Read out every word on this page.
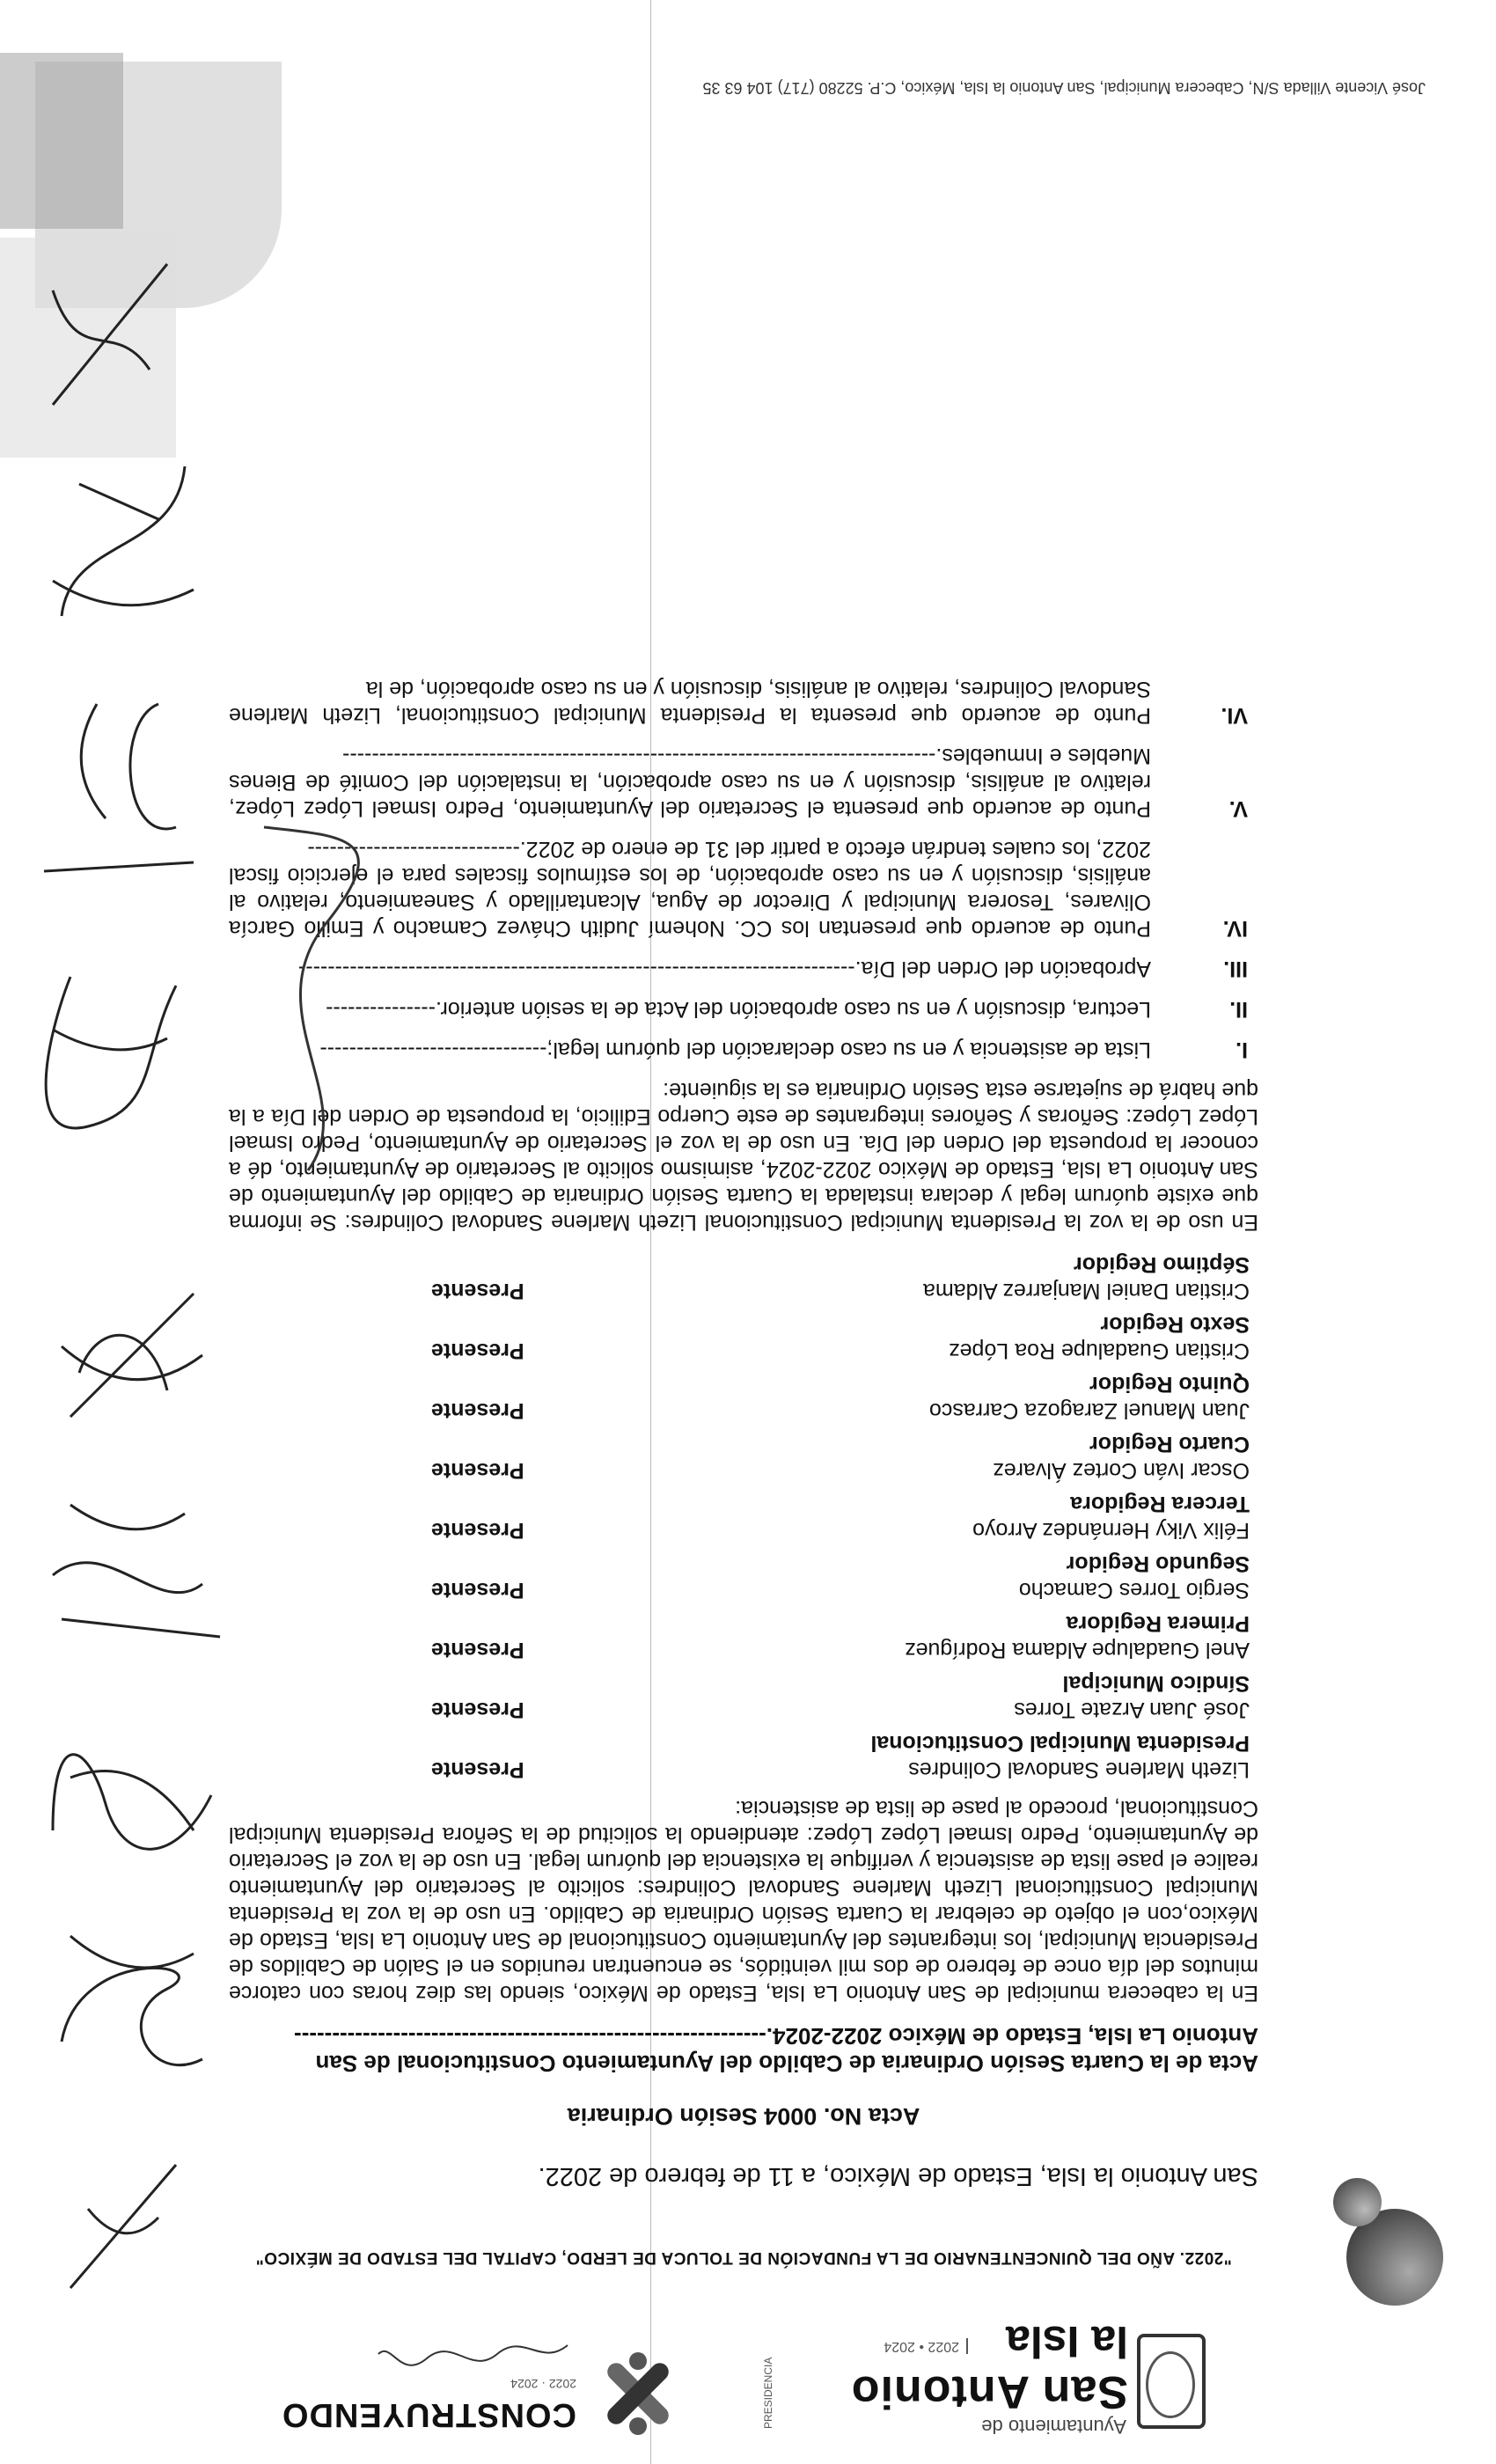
Ayuntamiento de
San Antonio
la Isla
2022 • 2024
PRESIDENCIA
CONSTRUYENDO
2022 · 2024
"2022. AÑO DEL QUINCENTENARIO DE LA FUNDACIÓN DE TOLUCA DE LERDO, CAPITAL DEL ESTADO DE MÉXICO"
San Antonio la Isla, Estado de México, a 11 de febrero de 2022.
Acta No. 0004 Sesión Ordinaria
Acta de la Cuarta Sesión Ordinaria de Cabildo del Ayuntamiento Constitucional de San Antonio La Isla, Estado de México 2022-2024.--------------------------------------------------------------

En la cabecera municipal de San Antonio La Isla, Estado de México, siendo las diez horas con catorce minutos del día once de febrero de dos mil veintidós, se encuentran reunidos en el Salón de Cabildos de Presidencia Municipal, los integrantes del Ayuntamiento Constitucional de San Antonio La Isla, Estado de México,con el objeto de celebrar la Cuarta Sesión Ordinaria de Cabildo. En uso de la voz la Presidenta Municipal Constitucional Lizeth Marlene Sandoval Colindres: solicito al Secretario del Ayuntamiento realice el pase lista de asistencia y verifique la existencia del quórum legal. En uso de la voz el Secretario de Ayuntamiento, Pedro Ismael López López: atendiendo la solicitud de la Señora Presidenta Municipal Constitucional, procedo al pase de lista de asistencia:

Lizeth Marlene Sandoval Colindres
Presidenta Municipal Constitucional
Presente
José Juan Arzate Torres
Síndico Municipal
Presente
Anel Guadalupe Aldama Rodríguez
Primera Regidora
Presente
Sergio Torres Camacho
Segundo Regidor
Presente
Félix Viky Hernández Arroyo
Tercera Regidora
Presente
Oscar Iván Cortez Álvarez
Cuarto Regidor
Presente
Juan Manuel Zaragoza Carrasco
Quinto Regidor
Presente
Cristian Guadalupe Roa López
Sexto Regidor
Presente
Cristian Daniel Manjarrez Aldama
Séptimo Regidor
Presente

En uso de la voz la Presidenta Municipal Constitucional Lizeth Marlene Sandoval Colindres: Se informa que existe quórum legal y declara instalada la Cuarta Sesión Ordinaria de Cabildo del Ayuntamiento de San Antonio La Isla, Estado de México 2022-2024, asimismo solicito al Secretario de Ayuntamiento, dé a conocer la propuesta del Orden del Día. En uso de la voz el Secretario de Ayuntamiento, Pedro Ismael López López: Señoras y Señores integrantes de este Cuerpo Edilicio, la propuesta de Orden del Día a la que habrá de sujetarse esta Sesión Ordinaria es la siguiente:

I.
Lista de asistencia y en su caso declaración del quórum legal;-------------------------------
II.
Lectura, discusión y en su caso aprobación del Acta de la sesión anterior.---------------
III.
Aprobación del Orden del Día.----------------------------------------------------------------------------
IV.
Punto de acuerdo que presentan los CC. Nohemí Judith Chávez Camacho y Emilio García Olivares, Tesorera Municipal y Director de Agua, Alcantarillado y Saneamiento, relativo al análisis, discusión y en su caso aprobación, de los estímulos fiscales para el ejercicio fiscal 2022, los cuales tendrán efecto a partir del 31 de enero de 2022.-----------------------------
V.
Punto de acuerdo que presenta el Secretario del Ayuntamiento, Pedro Ismael López López, relativo al análisis, discusión y en su caso aprobación, la instalación del Comité de Bienes Muebles e Inmuebles.---------------------------------------------------------------------------------
VI.
Punto de acuerdo que presenta la Presidenta Municipal Constitucional, Lizeth Marlene Sandoval Colindres, relativo al análisis, discusión y en su caso aprobación, de la
José Vicente Villada S/N, Cabecera Municipal, San Antonio la Isla, México, C.P. 52280 (717) 104 63 35
